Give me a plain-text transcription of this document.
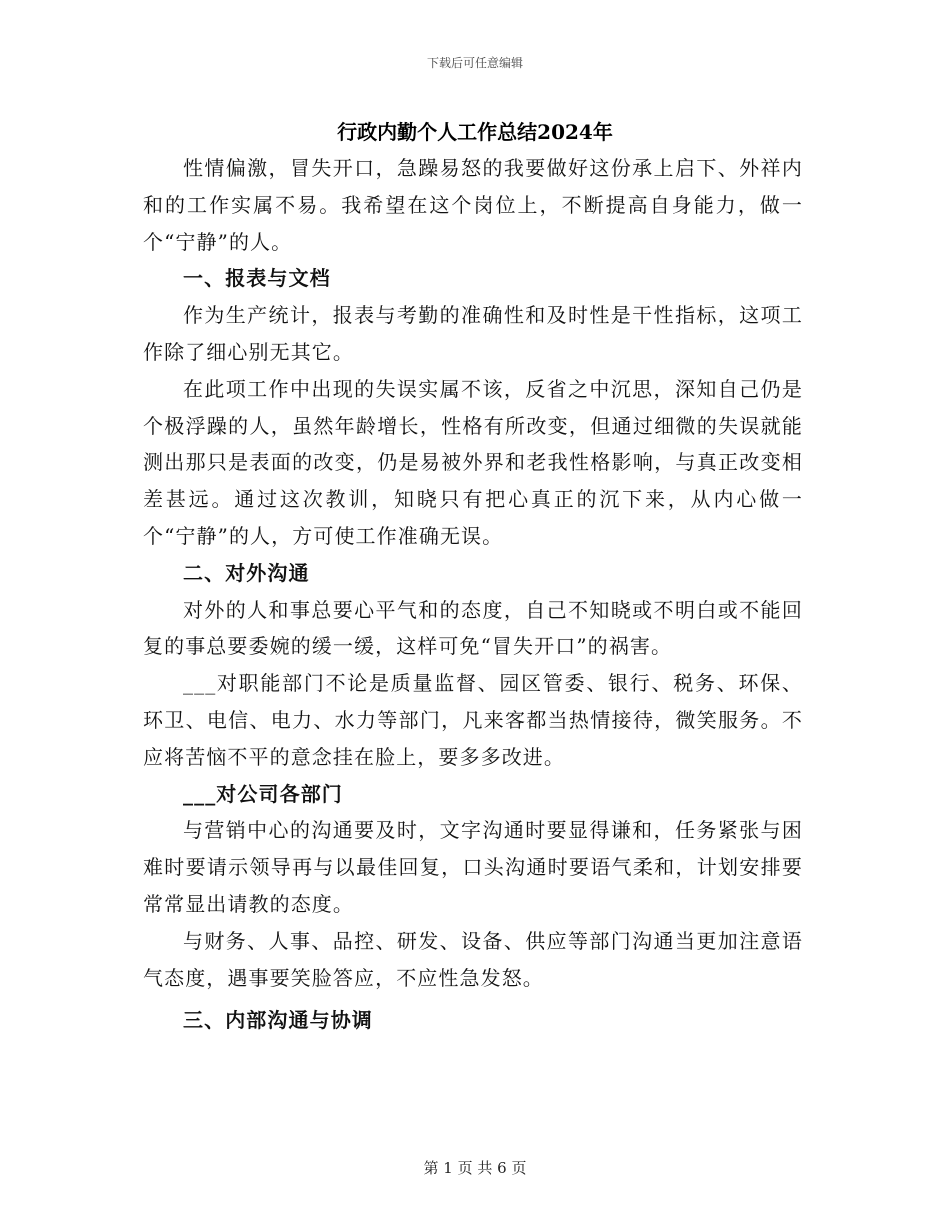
下载后可任意编辑
行政内勤个人工作总结2024年

性情偏激，冒失开口，急躁易怒的我要做好这份承上启下、外祥内和的工作实属不易。我希望在这个岗位上，不断提高自身能力，做一个“宁静”的人。

一、报表与文档

作为生产统计，报表与考勤的准确性和及时性是干性指标，这项工作除了细心别无其它。

在此项工作中出现的失误实属不该，反省之中沉思，深知自己仍是个极浮躁的人，虽然年龄增长，性格有所改变，但通过细微的失误就能测出那只是表面的改变，仍是易被外界和老我性格影响，与真正改变相差甚远。通过这次教训，知晓只有把心真正的沉下来，从内心做一个“宁静”的人，方可使工作准确无误。

二、对外沟通

对外的人和事总要心平气和的态度，自己不知晓或不明白或不能回复的事总要委婉的缓一缓，这样可免“冒失开口”的祸害。

___对职能部门不论是质量监督、园区管委、银行、税务、环保、环卫、电信、电力、水力等部门，凡来客都当热情接待，微笑服务。不应将苦恼不平的意念挂在脸上，要多多改进。

___对公司各部门

与营销中心的沟通要及时，文字沟通时要显得谦和，任务紧张与困难时要请示领导再与以最佳回复，口头沟通时要语气柔和，计划安排要常常显出请教的态度。

与财务、人事、品控、研发、设备、供应等部门沟通当更加注意语气态度，遇事要笑脸答应，不应性急发怒。

三、内部沟通与协调
第 1 页 共 6 页
